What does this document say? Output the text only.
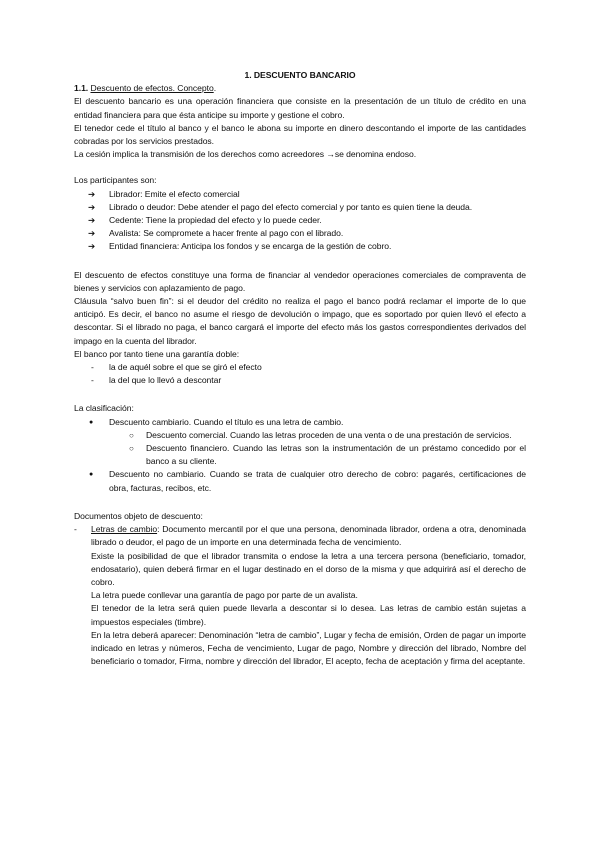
1. DESCUENTO BANCARIO

1.1. Descuento de efectos. Concepto.

El descuento bancario es una operación financiera que consiste en la presentación de un título de crédito en una entidad financiera para que ésta anticipe su importe y gestione el cobro.

El tenedor cede el título al banco y el banco le abona su importe en dinero descontando el importe de las cantidades cobradas por los servicios prestados.

La cesión implica la transmisión de los derechos como acreedores →se denomina endoso.

Los participantes son:

➔ Librador: Emite el efecto comercial
➔ Librado o deudor: Debe atender el pago del efecto comercial y por tanto es quien tiene la deuda.
➔ Cedente: Tiene la propiedad del efecto y lo puede ceder.
➔ Avalista: Se compromete a hacer frente al pago con el librado.
➔ Entidad financiera: Anticipa los fondos y se encarga de la gestión de cobro.

El descuento de efectos constituye una forma de financiar al vendedor operaciones comerciales de compraventa de bienes y servicios con aplazamiento de pago.

Cláusula “salvo buen fin”: si el deudor del crédito no realiza el pago el banco podrá reclamar el importe de lo que anticipó. Es decir, el banco no asume el riesgo de devolución o impago, que es soportado por quien llevó el efecto a descontar. Si el librado no paga, el banco cargará el importe del efecto más los gastos correspondientes derivados del impago en la cuenta del librador.

El banco por tanto tiene una garantía doble:

- la de aquél sobre el que se giró el efecto
- la del que lo llevó a descontar

La clasificación:

● Descuento cambiario. Cuando el título es una letra de cambio.
○ Descuento comercial. Cuando las letras proceden de una venta o de una prestación de servicios.
○ Descuento financiero. Cuando las letras son la instrumentación de un préstamo concedido por el banco a su cliente.
● Descuento no cambiario. Cuando se trata de cualquier otro derecho de cobro: pagarés, certificaciones de obra, facturas, recibos, etc.

Documentos objeto de descuento:

- Letras de cambio: Documento mercantil por el que una persona, denominada librador, ordena a otra, denominada librado o deudor, el pago de un importe en una determinada fecha de vencimiento.

Existe la posibilidad de que el librador transmita o endose la letra a una tercera persona (beneficiario, tomador, endosatario), quien deberá firmar en el lugar destinado en el dorso de la misma y que adquirirá así el derecho de cobro.

La letra puede conllevar una garantía de pago por parte de un avalista.

El tenedor de la letra será quien puede llevarla a descontar si lo desea. Las letras de cambio están sujetas a impuestos especiales (timbre).

En la letra deberá aparecer: Denominación “letra de cambio”, Lugar y fecha de emisión, Orden de pagar un importe indicado en letras y números, Fecha de vencimiento, Lugar de pago, Nombre y dirección del librado, Nombre del beneficiario o tomador, Firma, nombre y dirección del librador, El acepto, fecha de aceptación y firma del aceptante.
